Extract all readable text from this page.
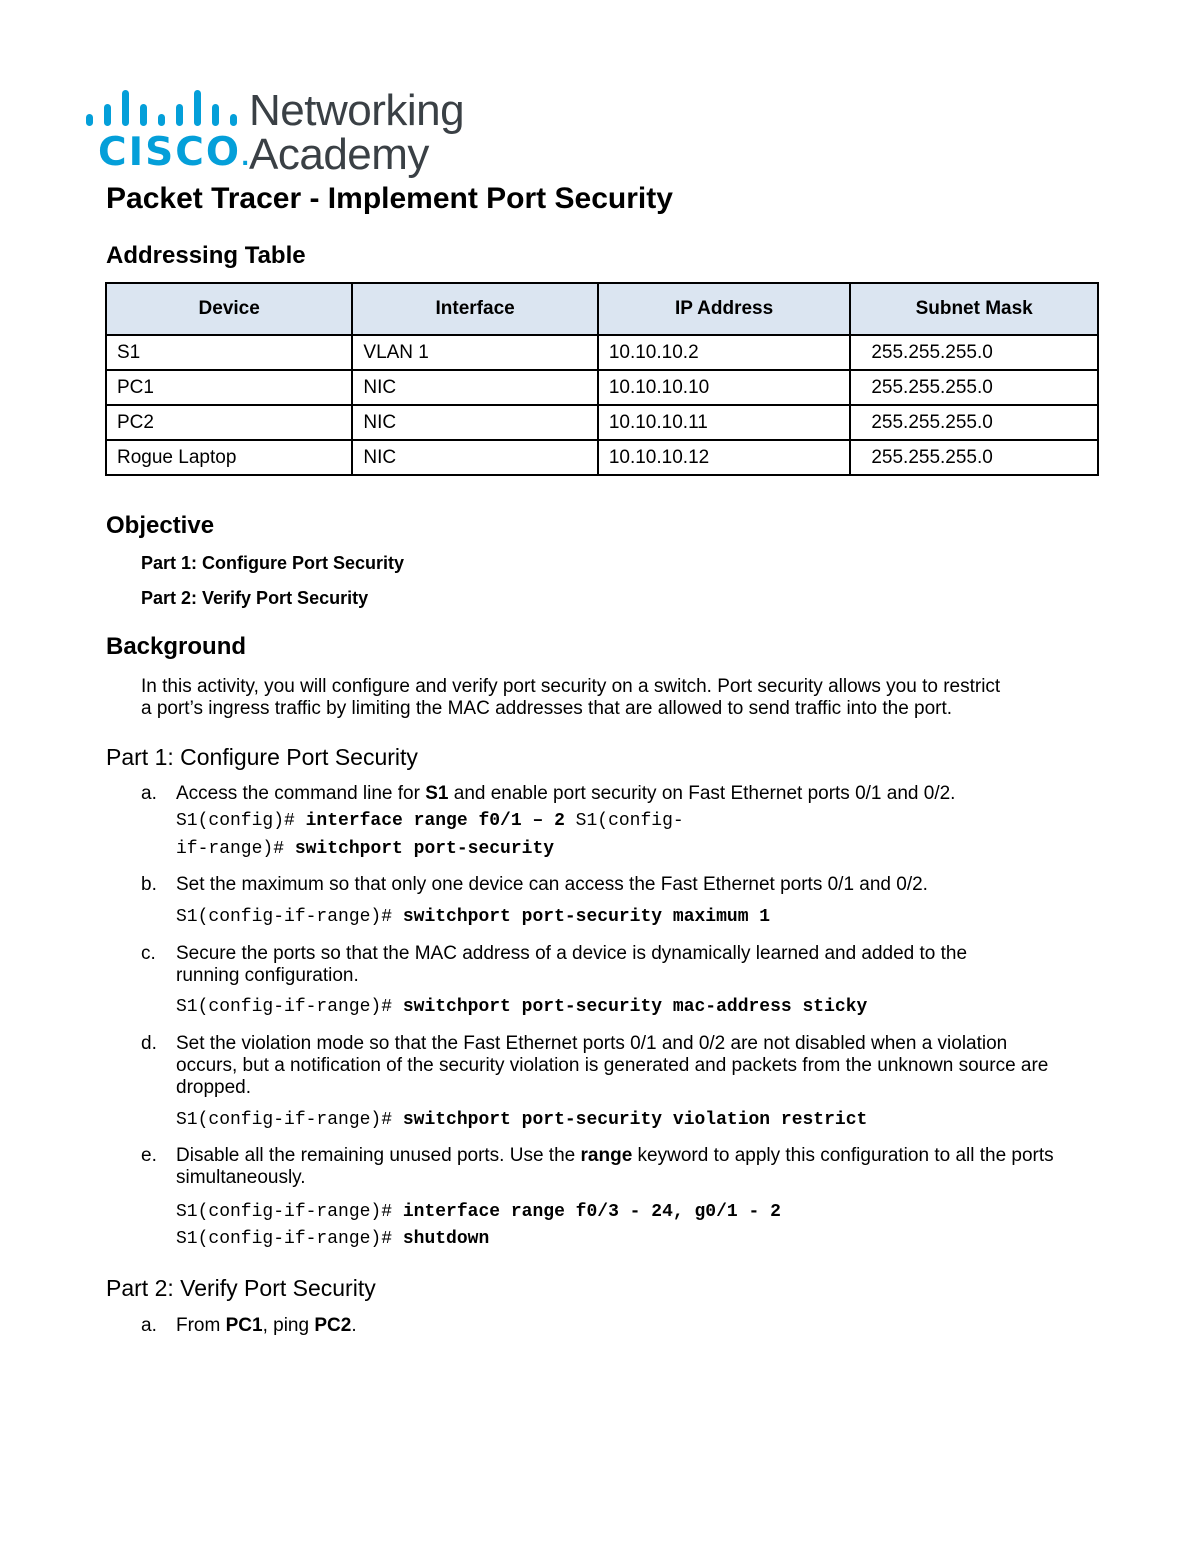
CISCO.
Networking
Academy
Packet Tracer - Implement Port Security
Addressing Table
Device	Interface	IP Address	Subnet Mask
S1	VLAN 1	10.10.10.2	255.255.255.0
PC1	NIC	10.10.10.10	255.255.255.0
PC2	NIC	10.10.10.11	255.255.255.0
Rogue Laptop	NIC	10.10.10.12	255.255.255.0
Objective
Part 1: Configure Port Security
Part 2: Verify Port Security
Background
In this activity, you will configure and verify port security on a switch. Port security allows you to restrict
a port’s ingress traffic by limiting the MAC addresses that are allowed to send traffic into the port.
Part 1: Configure Port Security
a.	Access the command line for S1 and enable port security on Fast Ethernet ports 0/1 and 0/2.
S1(config)# interface range f0/1 – 2 S1(config-
if-range)# switchport port-security
b.	Set the maximum so that only one device can access the Fast Ethernet ports 0/1 and 0/2.
S1(config-if-range)# switchport port-security maximum 1
c.	Secure the ports so that the MAC address of a device is dynamically learned and added to the
running configuration.
S1(config-if-range)# switchport port-security mac-address sticky
d.	Set the violation mode so that the Fast Ethernet ports 0/1 and 0/2 are not disabled when a violation
occurs, but a notification of the security violation is generated and packets from the unknown source are
dropped.
S1(config-if-range)# switchport port-security violation restrict
e.	Disable all the remaining unused ports. Use the range keyword to apply this configuration to all the ports
simultaneously.
S1(config-if-range)# interface range f0/3 - 24, g0/1 - 2
S1(config-if-range)# shutdown
Part 2: Verify Port Security
a.	From PC1, ping PC2.
